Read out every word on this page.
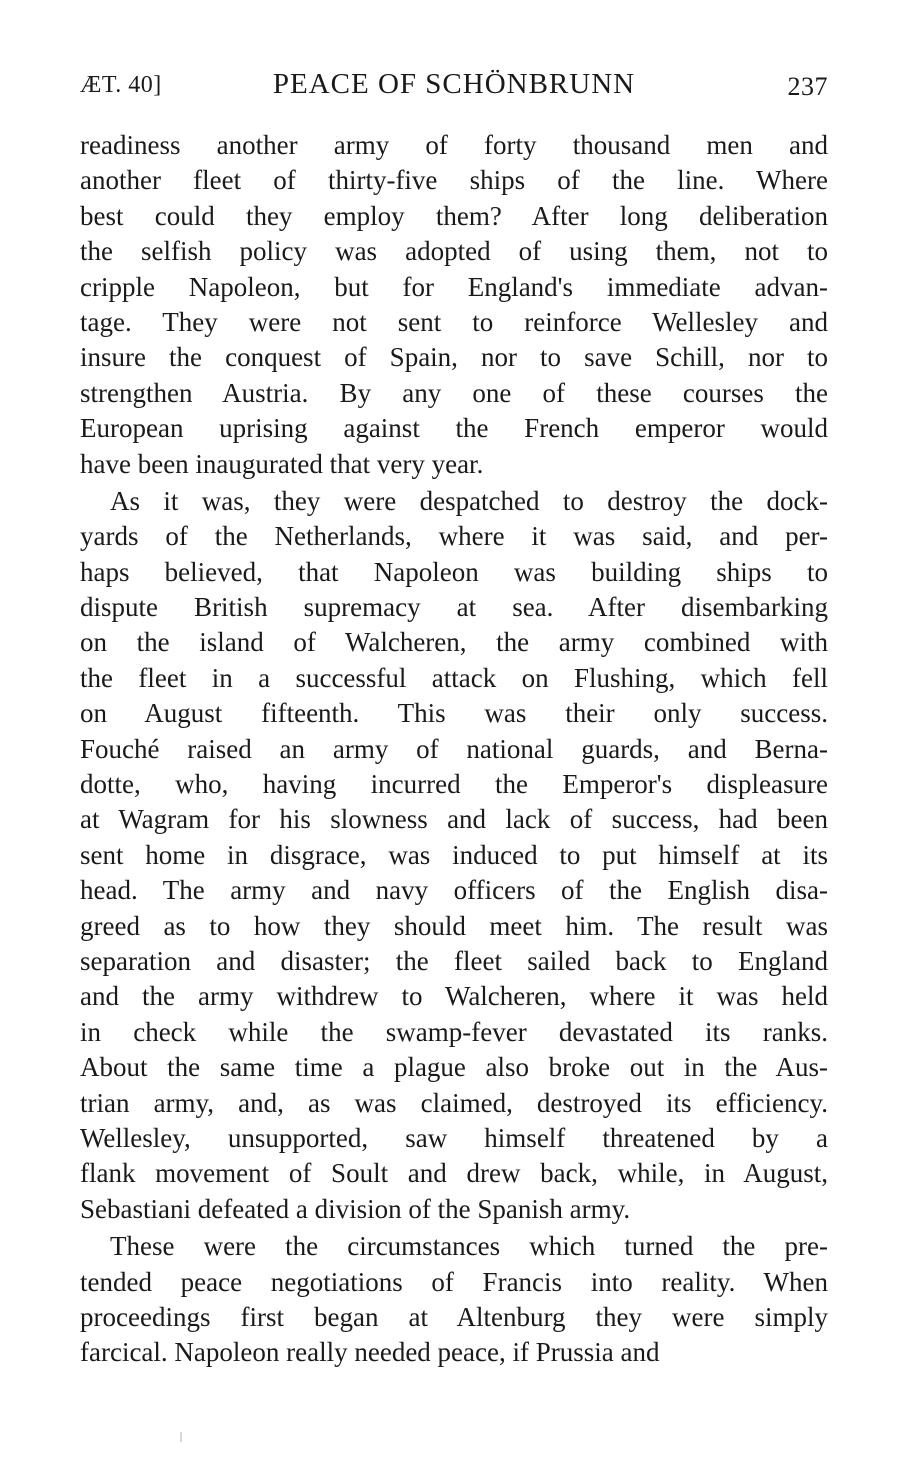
ÆT. 40]	PEACE OF SCHÖNBRUNN	237
readiness another army of forty thousand men and
another fleet of thirty-five ships of the line. Where
best could they employ them? After long deliberation
the selfish policy was adopted of using them, not to
cripple Napoleon, but for England's immediate advan-
tage. They were not sent to reinforce Wellesley and
insure the conquest of Spain, nor to save Schill, nor to
strengthen Austria. By any one of these courses the
European uprising against the French emperor would
have been inaugurated that very year.
As it was, they were despatched to destroy the dock-
yards of the Netherlands, where it was said, and per-
haps believed, that Napoleon was building ships to
dispute British supremacy at sea. After disembarking
on the island of Walcheren, the army combined with
the fleet in a successful attack on Flushing, which fell
on August fifteenth. This was their only success.
Fouché raised an army of national guards, and Berna-
dotte, who, having incurred the Emperor's displeasure
at Wagram for his slowness and lack of success, had been
sent home in disgrace, was induced to put himself at its
head. The army and navy officers of the English disa-
greed as to how they should meet him. The result was
separation and disaster; the fleet sailed back to England
and the army withdrew to Walcheren, where it was held
in check while the swamp-fever devastated its ranks.
About the same time a plague also broke out in the Aus-
trian army, and, as was claimed, destroyed its efficiency.
Wellesley, unsupported, saw himself threatened by a
flank movement of Soult and drew back, while, in August,
Sebastiani defeated a division of the Spanish army.
These were the circumstances which turned the pre-
tended peace negotiations of Francis into reality. When
proceedings first began at Altenburg they were simply
farcical. Napoleon really needed peace, if Prussia and
